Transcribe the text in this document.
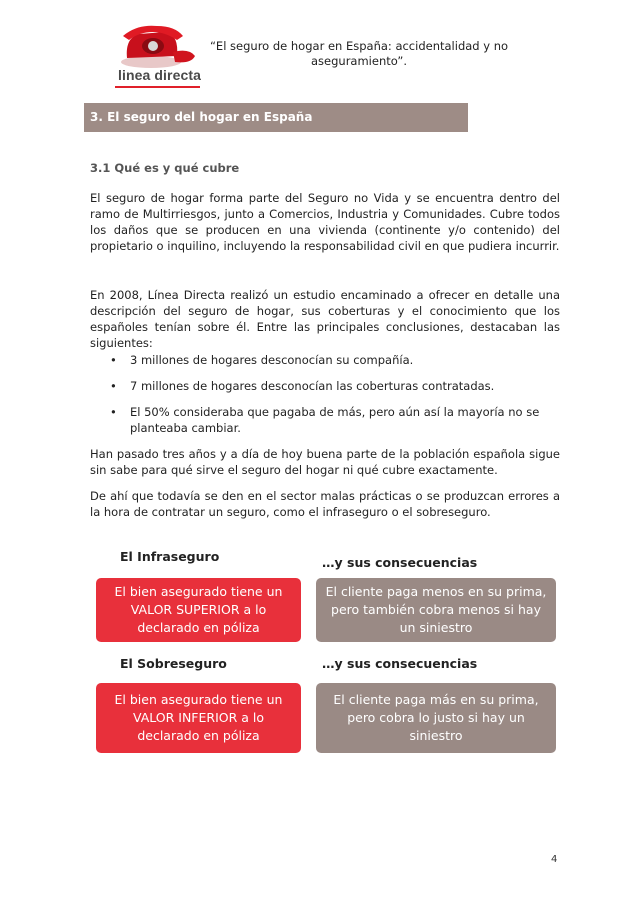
linea directa
“El seguro de hogar en España: accidentalidad y no aseguramiento”.
3. El seguro del hogar en España
3.1 Qué es y qué cubre

El seguro de hogar forma parte del Seguro no Vida y se encuentra dentro del ramo de Multirriesgos, junto a Comercios, Industria y Comunidades. Cubre todos los daños que se producen en una vivienda (continente y/o contenido) del propietario o inquilino, incluyendo la responsabilidad civil en que pudiera incurrir.

En 2008, Línea Directa realizó un estudio encaminado a ofrecer en detalle una descripción del seguro de hogar, sus coberturas y el conocimiento que los españoles tenían sobre él. Entre las principales conclusiones, destacaban las siguientes:

• 3 millones de hogares desconocían su compañía.
• 7 millones de hogares desconocían las coberturas contratadas.
• El 50% consideraba que pagaba de más, pero aún así la mayoría no se planteaba cambiar.

Han pasado tres años y a día de hoy buena parte de la población española sigue sin sabe para qué sirve el seguro del hogar ni qué cubre exactamente.

De ahí que todavía se den en el sector malas prácticas o se produzcan errores a la hora de contratar un seguro, como el infraseguro o el sobreseguro.

El Infraseguro	…y sus consecuencias
El bien asegurado tiene un VALOR SUPERIOR a lo declarado en póliza
El cliente paga menos en su prima, pero también cobra menos si hay un siniestro
El Sobreseguro	…y sus consecuencias
El bien asegurado tiene un VALOR INFERIOR a lo declarado en póliza
El cliente paga más en su prima, pero cobra lo justo si hay un siniestro
4
